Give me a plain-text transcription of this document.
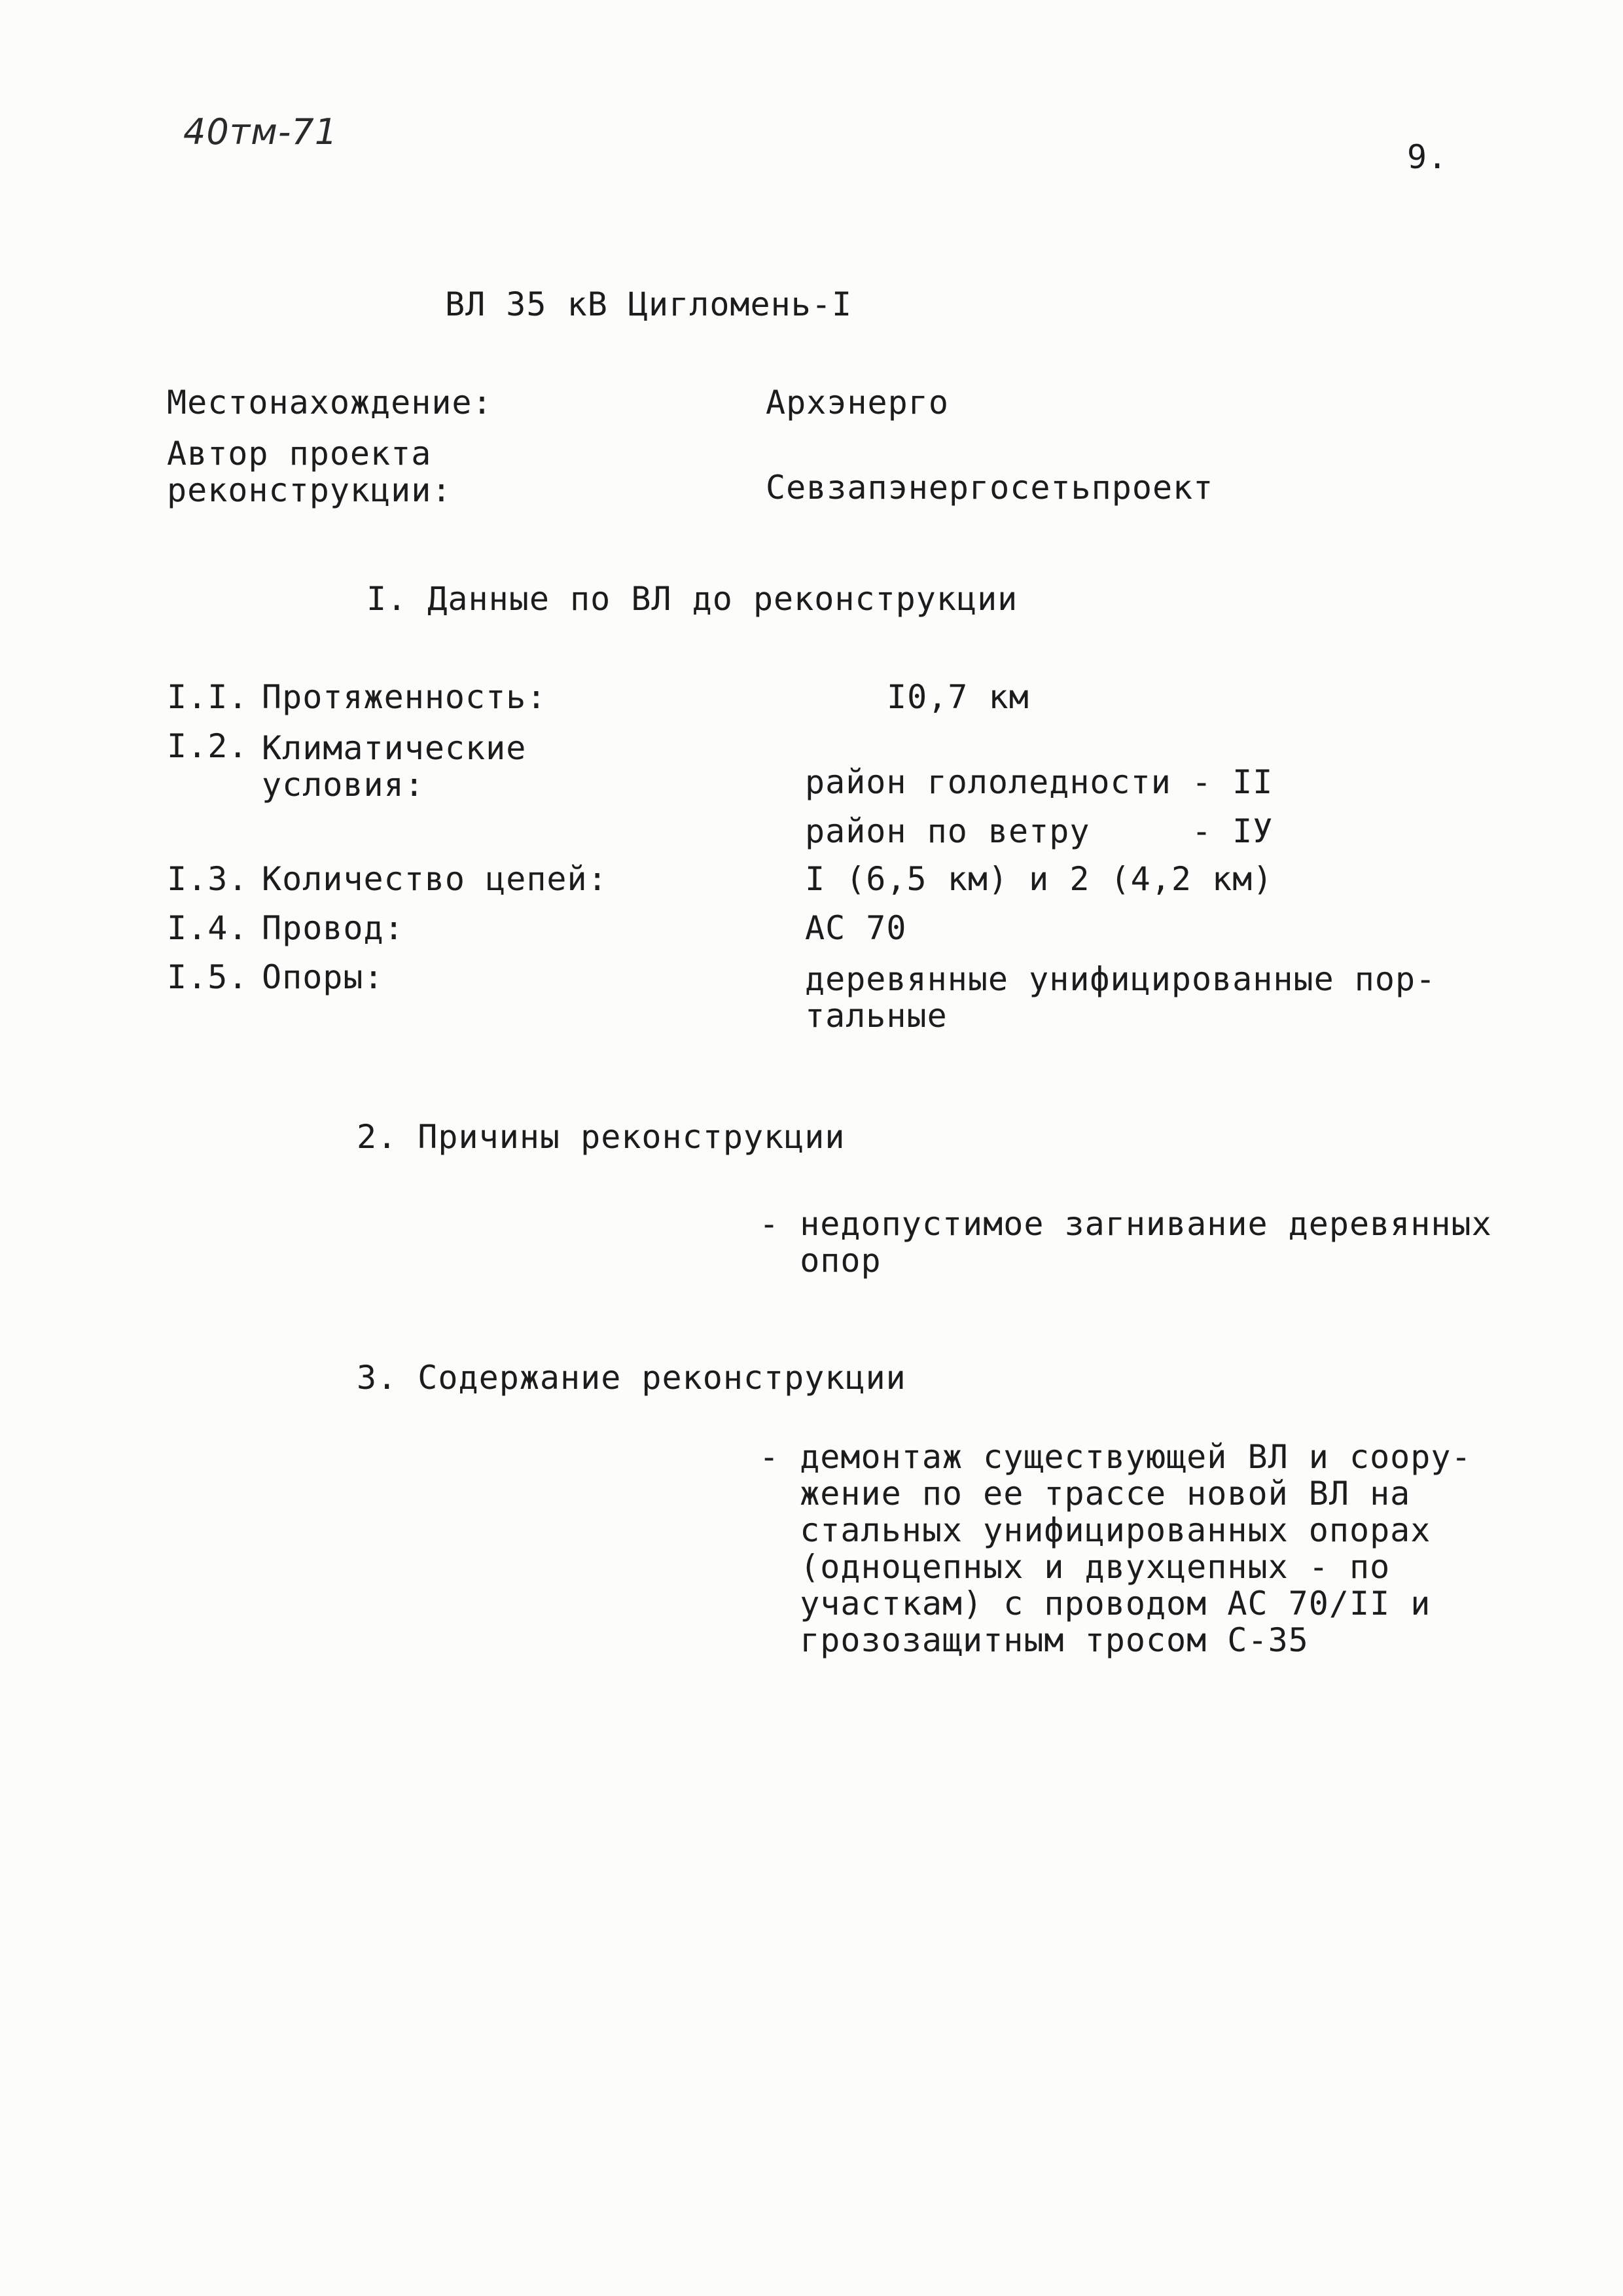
40тм-71
9.
ВЛ 35 кВ Цигломень-I
Местонахождение:	Архэнерго
Автор проекта
реконструкции:	Севзапэнергосетьпроект
I. Данные по ВЛ до реконструкции
I.I. Протяженность:	I0,7 км
I.2. Климатические
условия:	район гололедности - II
район по ветру     - IУ
I.3. Количество цепей:	I (6,5 км) и 2 (4,2 км)
I.4. Провод:	АС 70
I.5. Опоры:	деревянные унифицированные пор-
тальные
2. Причины реконструкции
- недопустимое загнивание деревянных
опор
3. Содержание реконструкции
- демонтаж существующей ВЛ и соору-
жение по ее трассе новой ВЛ на
стальных унифицированных опорах
(одноцепных и двухцепных - по
участкам) с проводом АС 70/II и
грозозащитным тросом С-35
